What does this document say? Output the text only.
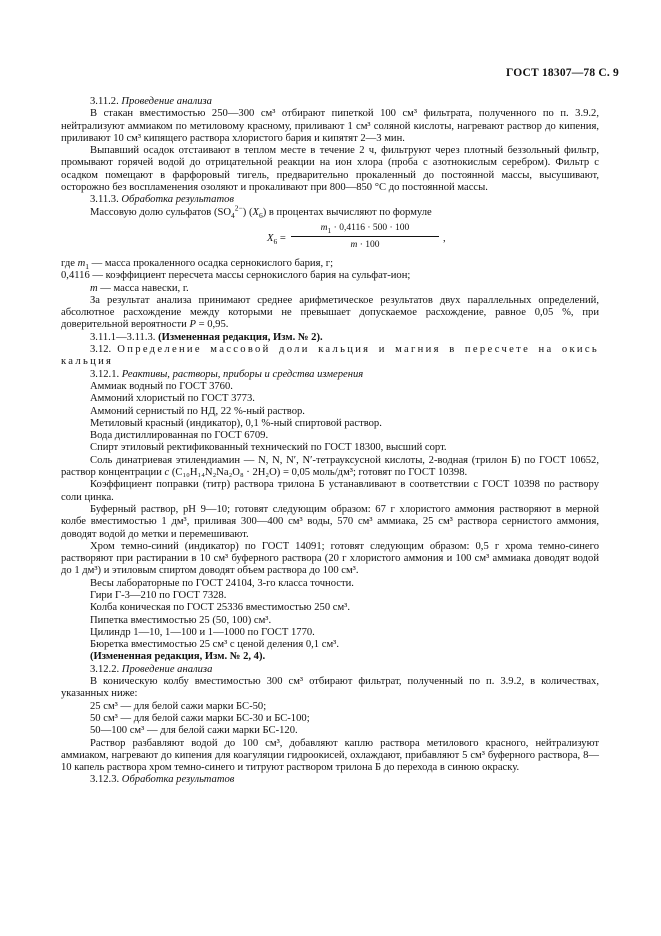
ГОСТ 18307—78 С. 9

3.11.2. Проведение анализа

В стакан вместимостью 250—300 см³ отбирают пипеткой 100 см³ фильтрата, полученного по п. 3.9.2, нейтрализуют аммиаком по метиловому красному, приливают 1 см³ соляной кислоты, нагревают раствор до кипения, приливают 10 см³ кипящего раствора хлористого бария и кипятят 2—3 мин.

Выпавший осадок отстаивают в теплом месте в течение 2 ч, фильтруют через плотный беззольный фильтр, промывают горячей водой до отрицательной реакции на ион хлора (проба с азотнокислым серебром). Фильтр с осадком помещают в фарфоровый тигель, предварительно прокаленный до постоянной массы, высушивают, осторожно без воспламенения озоляют и прокаливают при 800—850 °С до постоянной массы.

3.11.3. Обработка результатов

Массовую долю сульфатов $(SO_4^{2-})$ $(X_6)$ в процентах вычисляют по формуле

$X_6 = \frac{m_1 \cdot 0,4116 \cdot 500 \cdot 100}{m \cdot 100}$ ,

где $m_1$ — масса прокаленного осадка сернокислого бария, г;

0,4116 — коэффициент пересчета массы сернокислого бария на сульфат-ион;

m — масса навески, г.

За результат анализа принимают среднее арифметическое результатов двух параллельных определений, абсолютное расхождение между которыми не превышает допускаемое расхождение, равное 0,05 %, при доверительной вероятности P = 0,95.

3.11.1—3.11.3. (Измененная редакция, Изм. № 2).

3.12. Определение массовой доли кальция и магния в пересчете на окись кальция

3.12.1. Реактивы, растворы, приборы и средства измерения

Аммиак водный по ГОСТ 3760.

Аммоний хлористый по ГОСТ 3773.

Аммоний сернистый по НД, 22 %-ный раствор.

Метиловый красный (индикатор), 0,1 %-ный спиртовой раствор.

Вода дистиллированная по ГОСТ 6709.

Спирт этиловый ректификованный технический по ГОСТ 18300, высший сорт.

Соль динатриевая этилендиамин — N, N, N′, N′-тетрауксусной кислоты, 2-водная (трилон Б) по ГОСТ 10652, раствор концентрации c (C₁₀H₁₄N₂Na₂O₈ · 2H₂O) = 0,05 моль/дм³; готовят по ГОСТ 10398.

Коэффициент поправки (титр) раствора трилона Б устанавливают в соответствии с ГОСТ 10398 по раствору соли цинка.

Буферный раствор, pH 9—10; готовят следующим образом: 67 г хлористого аммония растворяют в мерной колбе вместимостью 1 дм³, приливая 300—400 см³ воды, 570 см³ аммиака, 25 см³ раствора сернистого аммония, доводят водой до метки и перемешивают.

Хром темно-синий (индикатор) по ГОСТ 14091; готовят следующим образом: 0,5 г хрома темно-синего растворяют при растирании в 10 см³ буферного раствора (20 г хлористого аммония и 100 см³ аммиака доводят водой до 1 дм³) и этиловым спиртом доводят объем раствора до 100 см³.

Весы лабораторные по ГОСТ 24104, 3-го класса точности.

Гири Г-3—210 по ГОСТ 7328.

Колба коническая по ГОСТ 25336 вместимостью 250 см³.

Пипетка вместимостью 25 (50, 100) см³.

Цилиндр 1—10, 1—100 и 1—1000 по ГОСТ 1770.

Бюретка вместимостью 25 см³ с ценой деления 0,1 см³.

(Измененная редакция, Изм. № 2, 4).

3.12.2. Проведение анализа

В коническую колбу вместимостью 300 см³ отбирают фильтрат, полученный по п. 3.9.2, в количествах, указанных ниже:

25 см³ — для белой сажи марки БС-50;

50 см³ — для белой сажи марки БС-30 и БС-100;

50—100 см³ — для белой сажи марки БС-120.

Раствор разбавляют водой до 100 см³, добавляют каплю раствора метилового красного, нейтрализуют аммиаком, нагревают до кипения для коагуляции гидроокисей, охлаждают, прибавляют 5 см³ буферного раствора, 8—10 капель раствора хром темно-синего и титруют раствором трилона Б до перехода в синюю окраску.

3.12.3. Обработка результатов
